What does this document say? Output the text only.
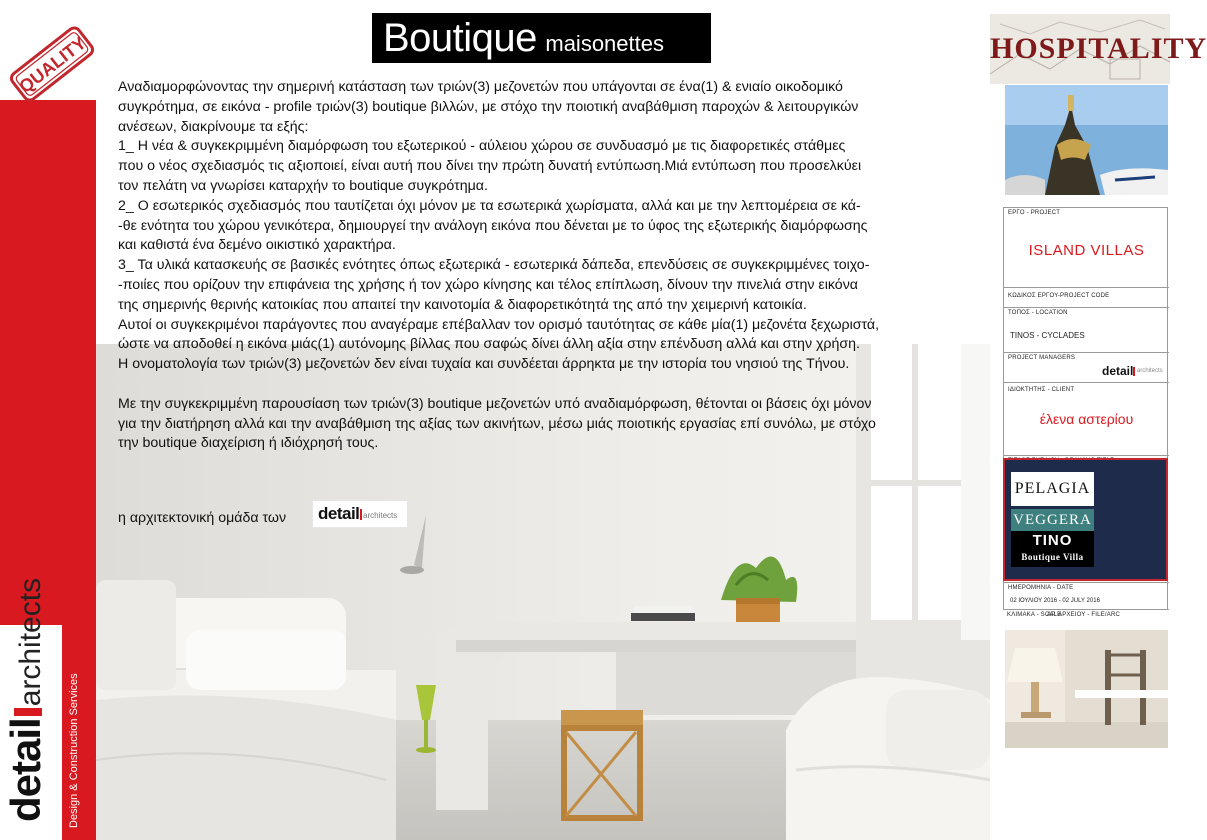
QUALITY
detailarchitects
Design & Construction Services
Boutique maisonettes

Αναδιαμορφώνοντας την σημερινή κατάσταση των τριών(3) μεζονετών που υπάγονται σε ένα(1) & ενιαίο οικοδομικό

συγκρότημα, σε εικόνα - profile τριών(3) boutique βιλλών, με στόχο την ποιοτική αναβάθμιση παροχών & λειτουργικών

ανέσεων, διακρίνουμε τα εξής:

1_ Η νέα & συγκεκριμμένη διαμόρφωση του εξωτερικού - αύλειου χώρου σε συνδυασμό με τις διαφορετικές στάθμες

που ο νέος σχεδιασμός τις αξιοποιεί, είναι αυτή που δίνει την πρώτη δυνατή εντύπωση.Μιά εντύπωση που προσελκύει

τον πελάτη να γνωρίσει καταρχήν το boutique συγκρότημα.

2_ Ο εσωτερικός σχεδιασμός που ταυτίζεται όχι μόνον με τα εσωτερικά χωρίσματα, αλλά και με την λεπτομέρεια σε κά-

-θε ενότητα του χώρου γενικότερα, δημιουργεί την ανάλογη εικόνα που δένεται με το ύφος της εξωτερικής διαμόρφωσης

και καθιστά ένα δεμένο οικιστικό χαρακτήρα.

3_ Τα υλικά κατασκευής σε βασικές ενότητες όπως εξωτερικά - εσωτερικά δάπεδα, επενδύσεις σε συγκεκριμμένες τοιχο-

-ποιίες που ορίζουν την επιφάνεια της χρήσης ή τον χώρο κίνησης και τέλος επίπλωση, δίνουν την πινελιά στην εικόνα

της σημερινής θερινής κατοικίας που απαιτεί την καινοτομία & διαφορετικότητά της από την χειμερινή κατοικία.

Αυτοί οι συγκεκριμένοι παράγοντες που αναγέραμε επέβαλλαν τον ορισμό ταυτότητας σε κάθε μία(1) μεζονέτα ξεχωριστά,

ώστε να αποδοθεί η εικόνα μιάς(1) αυτόνομης βίλλας που σαφώς δίνει άλλη αξία στην επένδυση αλλά και στην χρήση.

Η ονοματολογία των τριών(3) μεζονετών δεν είναι τυχαία και συνδέεται άρρηκτα με την ιστορία του νησιού της Τήνου.

Με την συγκεκριμμένη παρουσίαση των τριών(3) boutique μεζονετών υπό αναδιαμόρφωση, θέτονται οι βάσεις όχι μόνον

για την διατήρηση αλλά και την αναβάθμιση της αξίας των ακινήτων, μέσω μιάς ποιοτικής εργασίας επί συνόλω, με στόχο

την boutique διαχείριση ή ιδιόχρησή τους.

η αρχιτεκτονική ομάδα των detail architects
HOSPITALITY
ΕΡΓΟ - PROJECT
ISLAND VILLAS
ΚΩΔΙΚΟΣ ΕΡΓΟΥ-PROJECT CODE
ΤΟΠΟΣ - LOCATION
TINOS - CYCLADES
PROJECT MANAGERS
ΙΔΙΟΚΤΗΤΗΣ - CLIENT
έλενα αστερίου
ΗΜΕΡΟΜΗΝΙΑ - DATE
02 ΙΟΥΛΙΟΥ 2016 - 02 JULY 2016
detail architects
PELAGIA
VEGGERA
TINO
Boutique Villa
ΚΛΙΜΑΚΑ - SCALE
ΑΡ. ΑΡΧΕΙΟΥ - FILE/ARC
